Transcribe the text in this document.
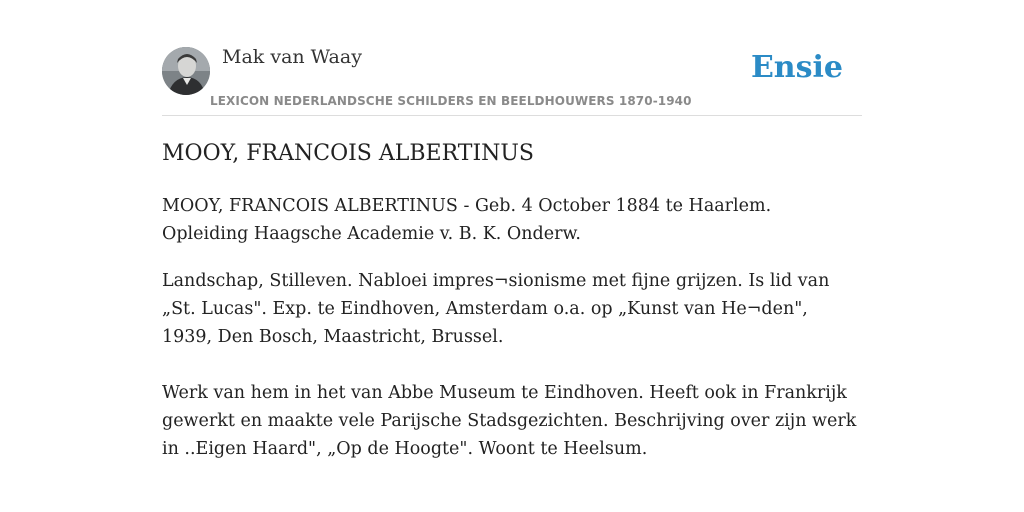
Mak van Waay
LEXICON NEDERLANDSCHE SCHILDERS EN BEELDHOUWERS 1870-1940
Ensie
MOOY, FRANCOIS ALBERTINUS

MOOY, FRANCOIS ALBERTINUS - Geb. 4 October 1884 te Haarlem. Opleiding Haagsche Academie v. B. K. Onderw.

Landschap, Stilleven. Nabloei impres¬sionisme met fijne grijzen. Is lid van „St. Lucas". Exp. te Eindhoven, Amsterdam o.a. op „Kunst van He¬den", 1939, Den Bosch, Maastricht, Brussel.

Werk van hem in het van Abbe Museum te Eindhoven. Heeft ook in Frankrijk gewerkt en maakte vele Parijsche Stadsgezichten. Beschrijving over zijn werk in ..Eigen Haard", „Op de Hoogte". Woont te Heelsum.
